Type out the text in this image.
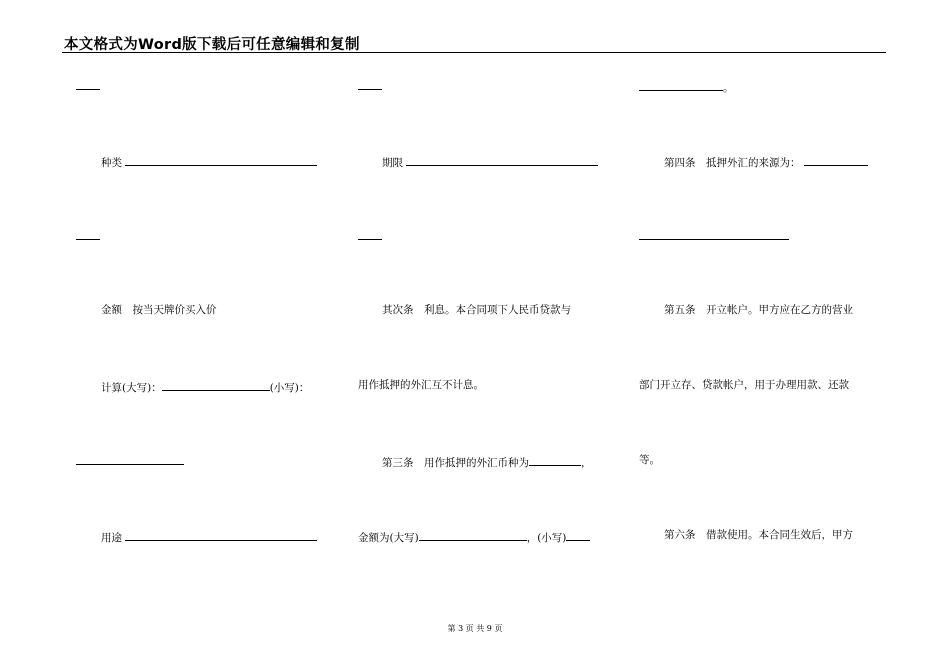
本文格式为Word版下载后可任意编辑和复制
种类
金额　按当天牌价买入价
计算(大写)：	(小写)：
用途
期限
其次条　利息。本合同项下人民币贷款与
用作抵押的外汇互不计息。
第三条　用作抵押的外汇币种为	，
金额为(大写)	，(小写)
。
第四条　抵押外汇的来源为：
第五条　开立帐户。甲方应在乙方的营业
部门开立存、贷款帐户，用于办理用款、还款
等。
第六条　借款使用。本合同生效后，甲方
第 3 页 共 9 页
